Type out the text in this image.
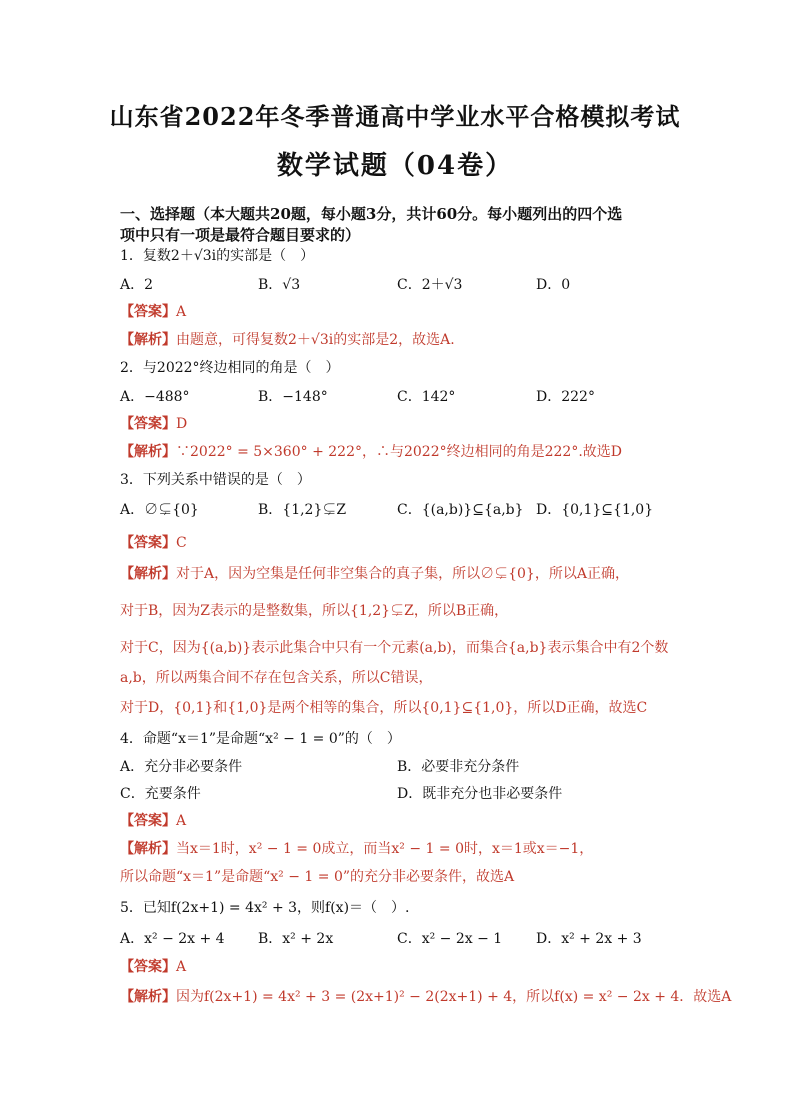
山东省2022年冬季普通高中学业水平合格模拟考试
数学试题（04卷）
一、选择题（本大题共20题，每小题3分，共计60分。每小题列出的四个选
项中只有一项是最符合题目要求的）
1．复数2＋√3i的实部是（　）
A．2	B．√3	C．2＋√3	D．0
【答案】A
【解析】由题意，可得复数2＋√3i的实部是2，故选A.
2．与2022°终边相同的角是（　）
A．−488°	B．−148°	C．142°	D．222°
【答案】D
【解析】∵2022° = 5×360° + 222°，∴与2022°终边相同的角是222°.故选D
3．下列关系中错误的是（　）
A．∅⊊{0}	B．{1,2}⊊Z	C．{(a,b)}⊆{a,b} D．{0,1}⊆{1,0}
【答案】C
【解析】对于A，因为空集是任何非空集合的真子集，所以∅⊊{0}，所以A正确，
对于B，因为Z表示的是整数集，所以{1,2}⊊Z，所以B正确，
对于C，因为{(a,b)}表示此集合中只有一个元素(a,b)，而集合{a,b}表示集合中有2个数
a,b，所以两集合间不存在包含关系，所以C错误，
对于D，{0,1}和{1,0}是两个相等的集合，所以{0,1}⊆{1,0}，所以D正确，故选C
4．命题“x＝1”是命题“x² − 1 = 0”的（　）
A．充分非必要条件	B．必要非充分条件
C．充要条件	D．既非充分也非必要条件
【答案】A
【解析】当x＝1时，x² − 1 = 0成立，而当x² − 1 = 0时，x＝1或x＝−1，
所以命题“x＝1”是命题“x² − 1 = 0”的充分非必要条件，故选A
5．已知f(2x+1) = 4x² + 3，则f(x)＝（　）.
A．x² − 2x + 4 B．x² + 2x	C．x² − 2x − 1 D．x² + 2x + 3
【答案】A
【解析】因为f(2x+1) = 4x² + 3 = (2x+1)² − 2(2x+1) + 4，所以f(x) = x² − 2x + 4．故选A
